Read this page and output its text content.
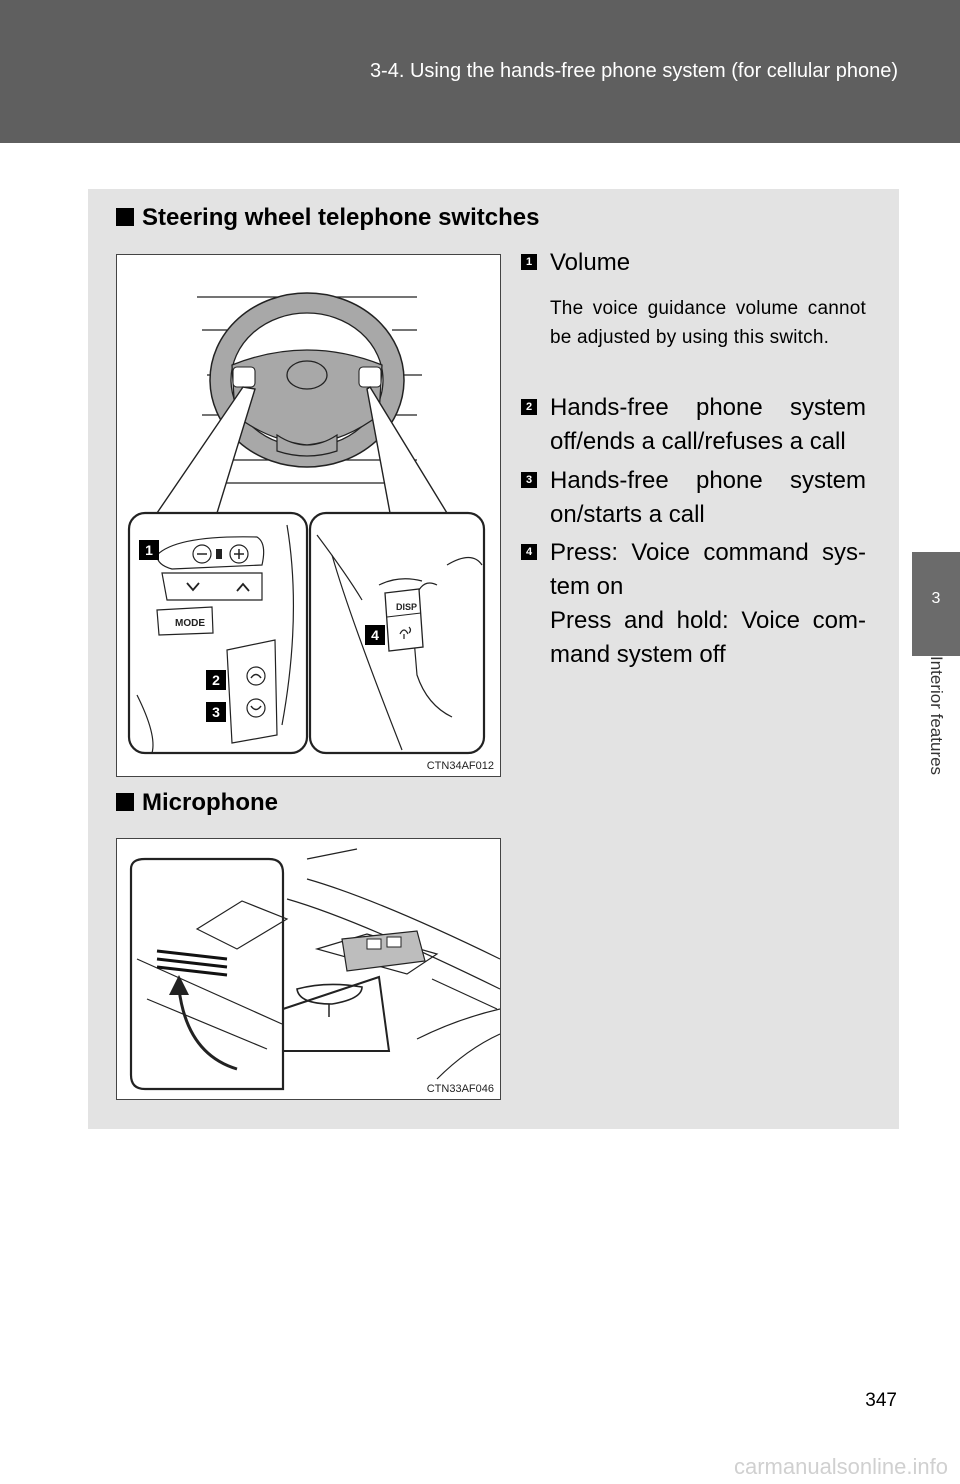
3-4. Using the hands-free phone system (for cellular phone)
3
Interior features
Steering wheel telephone switches
MODE
DISP
1
2
3
4
CTN34AF012
1 Volume
The voice guidance volume cannot be adjusted by using this switch.
2 Hands-free phone system off/ends a call/refuses a call
3 Hands-free phone system on/starts a call
4 Press: Voice command sys-tem on
Press and hold: Voice com-mand system off
Microphone
CTN33AF046
347
carmanualsonline.info
